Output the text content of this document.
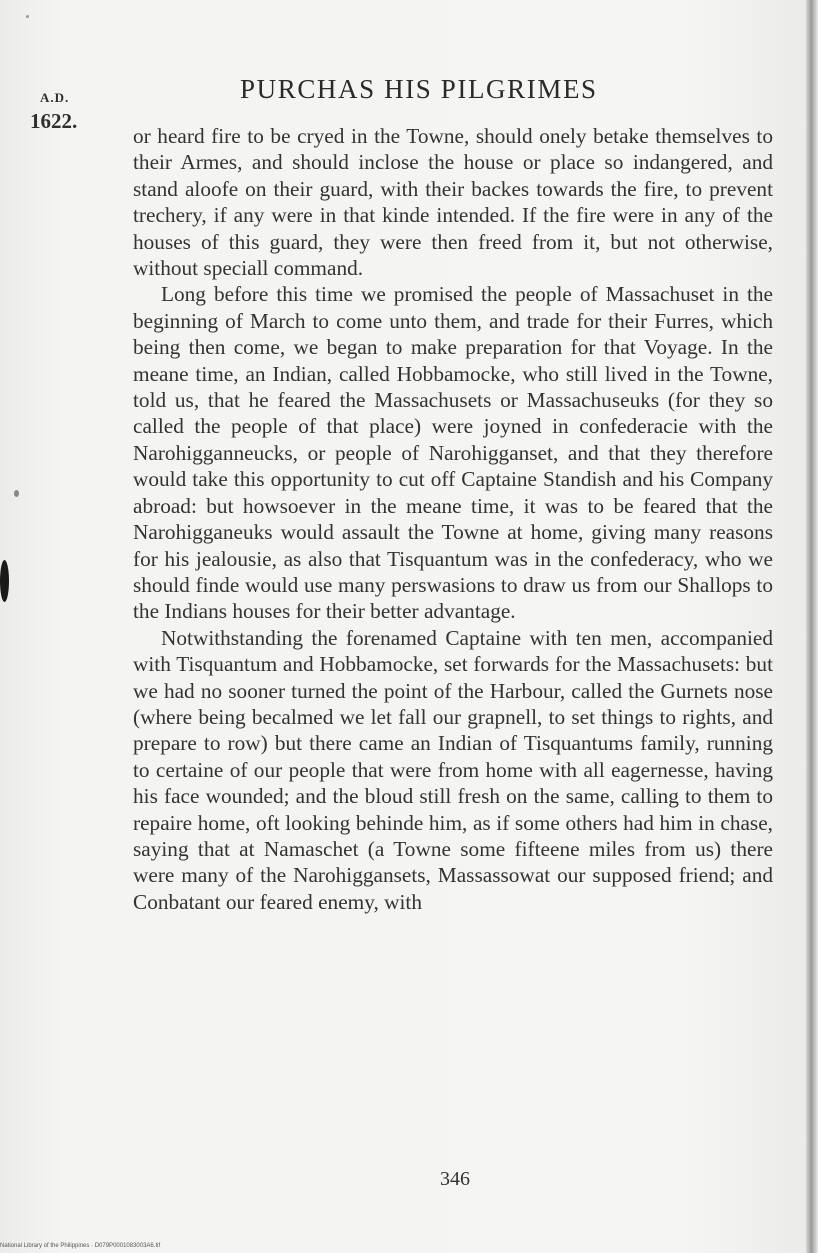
A.D.
1622.
PURCHAS HIS PILGRIMES

or heard fire to be cryed in the Towne, should onely betake themselves to their Armes, and should inclose the house or place so indangered, and stand aloofe on their guard, with their backes towards the fire, to prevent trechery, if any were in that kinde intended. If the fire were in any of the houses of this guard, they were then freed from it, but not otherwise, without speciall command.

Long before this time we promised the people of Massachuset in the beginning of March to come unto them, and trade for their Furres, which being then come, we began to make preparation for that Voyage. In the meane time, an Indian, called Hobbamocke, who still lived in the Towne, told us, that he feared the Massachusets or Massachuseuks (for they so called the people of that place) were joyned in confederacie with the Narohigganneucks, or people of Narohigganset, and that they therefore would take this opportunity to cut off Captaine Standish and his Company abroad: but howsoever in the meane time, it was to be feared that the Narohigganeuks would assault the Towne at home, giving many reasons for his jealousie, as also that Tisquantum was in the confederacy, who we should finde would use many perswasions to draw us from our Shallops to the Indians houses for their better advantage.

Notwithstanding the forenamed Captaine with ten men, accompanied with Tisquantum and Hobbamocke, set forwards for the Massachusets: but we had no sooner turned the point of the Harbour, called the Gurnets nose (where being becalmed we let fall our grapnell, to set things to rights, and prepare to row) but there came an Indian of Tisquantums family, running to certaine of our people that were from home with all eagernesse, having his face wounded; and the bloud still fresh on the same, calling to them to repaire home, oft looking behinde him, as if some others had him in chase, saying that at Namaschet (a Towne some fifteene miles from us) there were many of the Narohiggansets, Massassowat our supposed friend; and Conbatant our feared enemy, with

346
National Library of the Philippines · D079P0001083003A6.tif
